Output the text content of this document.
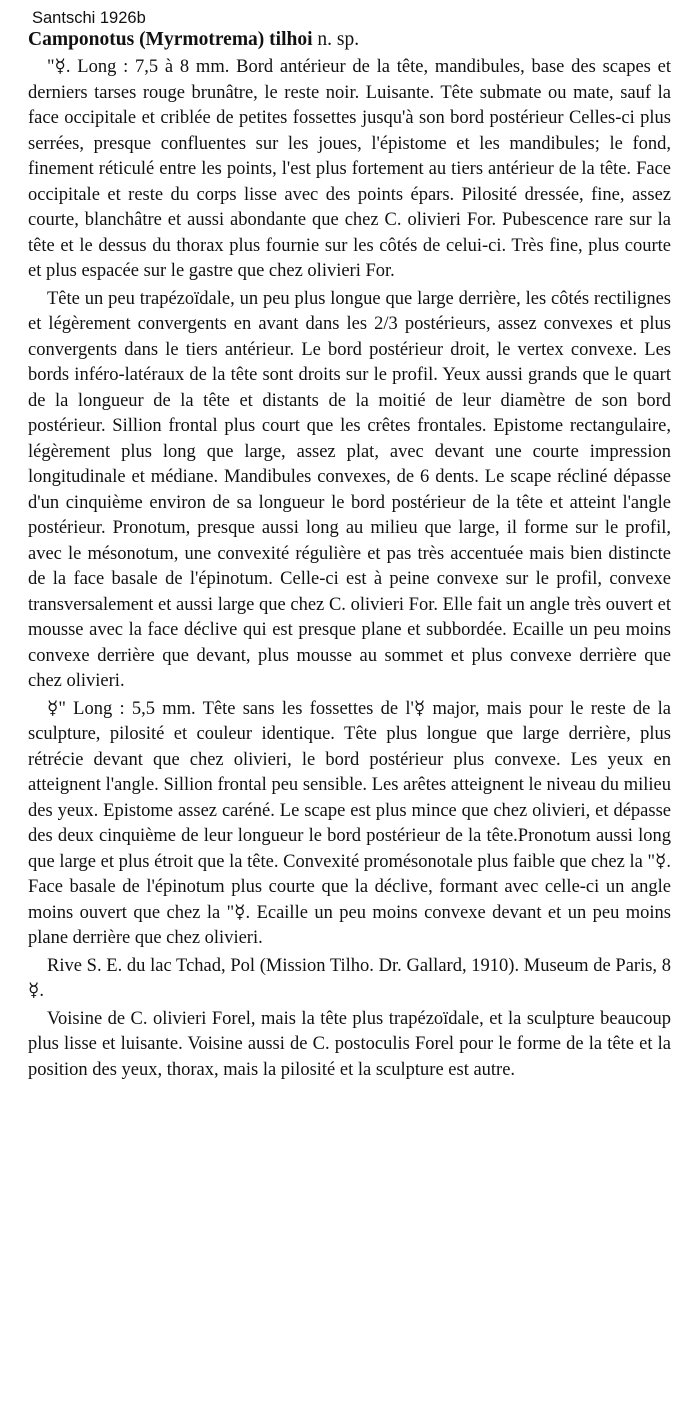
Santschi 1926b
Camponotus (Myrmotrema) tilhoi n. sp.

"☿. Long : 7,5 à 8 mm. Bord antérieur de la tête, mandibules, base des scapes et derniers tarses rouge brunâtre, le reste noir. Luisante. Tête submate ou mate, sauf la face occipitale et criblée de petites fossettes jusqu'à son bord postérieur Celles-ci plus serrées, presque confluentes sur les joues, l'épistome et les mandibules; le fond, finement réticulé entre les points, l'est plus fortement au tiers antérieur de la tête. Face occipitale et reste du corps lisse avec des points épars. Pilosité dressée, fine, assez courte, blanchâtre et aussi abondante que chez C. olivieri For. Pubescence rare sur la tête et le dessus du thorax plus fournie sur les côtés de celui-ci. Très fine, plus courte et plus espacée sur le gastre que chez olivieri For.

Tête un peu trapézoïdale, un peu plus longue que large derrière, les côtés rectilignes et légèrement convergents en avant dans les 2/3 postérieurs, assez convexes et plus convergents dans le tiers antérieur. Le bord postérieur droit, le vertex convexe. Les bords inféro-latéraux de la tête sont droits sur le profil. Yeux aussi grands que le quart de la longueur de la tête et distants de la moitié de leur diamètre de son bord postérieur. Sillion frontal plus court que les crêtes frontales. Epistome rectangulaire, légèrement plus long que large, assez plat, avec devant une courte impression longitudinale et médiane. Mandibules convexes, de 6 dents. Le scape récliné dépasse d'un cinquième environ de sa longueur le bord postérieur de la tête et atteint l'angle postérieur. Pronotum, presque aussi long au milieu que large, il forme sur le profil, avec le mésonotum, une convexité régulière et pas très accentuée mais bien distincte de la face basale de l'épinotum. Celle-ci est à peine convexe sur le profil, convexe transversalement et aussi large que chez C. olivieri For. Elle fait un angle très ouvert et mousse avec la face déclive qui est presque plane et subbordée. Ecaille un peu moins convexe derrière que devant, plus mousse au sommet et plus convexe derrière que chez olivieri.

☿" Long : 5,5 mm. Tête sans les fossettes de l'☿ major, mais pour le reste de la sculpture, pilosité et couleur identique. Tête plus longue que large derrière, plus rétrécie devant que chez olivieri, le bord postérieur plus convexe. Les yeux en atteignent l'angle. Sillion frontal peu sensible. Les arêtes atteignent le niveau du milieu des yeux. Epistome assez caréné. Le scape est plus mince que chez olivieri, et dépasse des deux cinquième de leur longueur le bord postérieur de la tête.Pronotum aussi long que large et plus étroit que la tête. Convexité promésonotale plus faible que chez la "☿. Face basale de l'épinotum plus courte que la déclive, formant avec celle-ci un angle moins ouvert que chez la "☿. Ecaille un peu moins convexe devant et un peu moins plane derrière que chez olivieri.

Rive S. E. du lac Tchad, Pol (Mission Tilho. Dr. Gallard, 1910). Museum de Paris, 8 ☿.

Voisine de C. olivieri Forel, mais la tête plus trapézoïdale, et la sculpture beaucoup plus lisse et luisante. Voisine aussi de C. postoculis Forel pour le forme de la tête et la position des yeux, thorax, mais la pilosité et la sculpture est autre.
